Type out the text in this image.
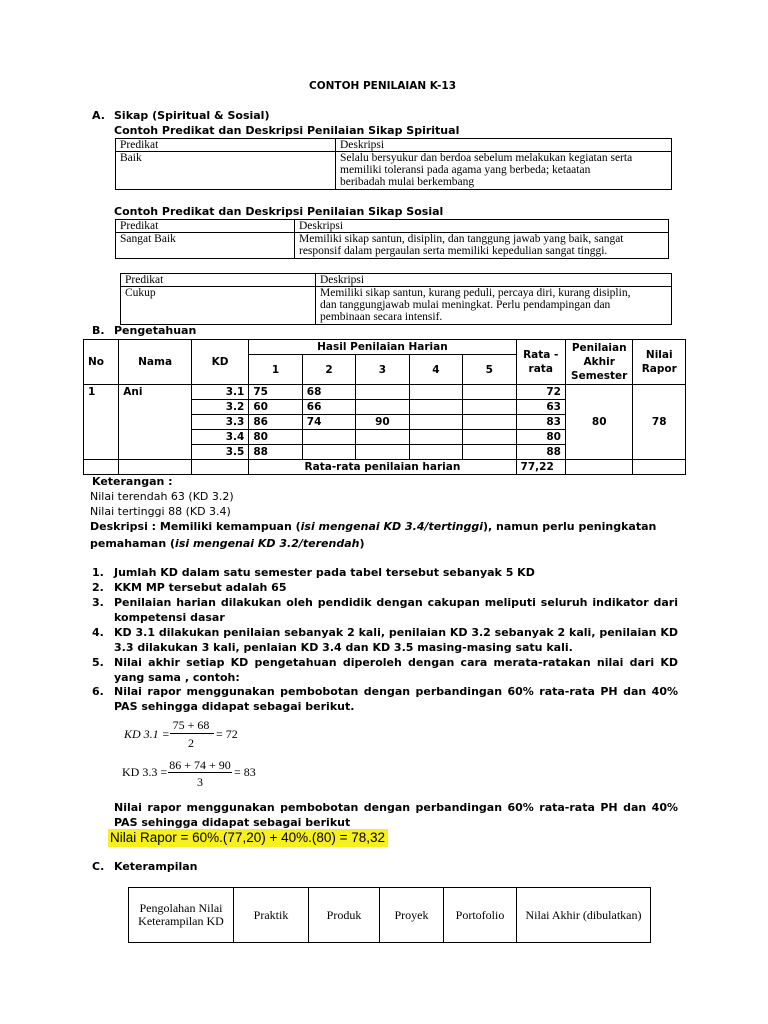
CONTOH PENILAIAN K-13
A. Sikap (Spiritual & Sosial)
Contoh Predikat dan Deskripsi Penilaian Sikap Spiritual
Predikat	Deskripsi
Baik	Selalu bersyukur dan berdoa sebelum melakukan kegiatan serta
memiliki toleransi pada agama yang berbeda; ketaatan
beribadah mulai berkembang
Contoh Predikat dan Deskripsi Penilaian Sikap Sosial
Predikat	Deskripsi
Sangat Baik	Memiliki sikap santun, disiplin, dan tanggung jawab yang baik, sangat
responsif dalam pergaulan serta memiliki kepedulian sangat tinggi.
Predikat	Deskripsi
Cukup	Memiliki sikap santun, kurang peduli, percaya diri, kurang disiplin,
dan tanggungjawab mulai meningkat. Perlu pendampingan dan
pembinaan secara intensif.
B. Pengetahuan
No	Nama	KD	Hasil Penilaian Harian					Rata - rata	Penilaian Akhir Semester	Nilai Rapor
			1	2	3	4	5			
1	Ani	3.1	75	68				72	80	78
		3.2	60	66				63		
		3.3	86	74	90			83		
		3.4	80					80		
		3.5	88					88		
			Rata-rata penilaian harian					77,22		
Keterangan :
Nilai terendah 63 (KD 3.2)
Nilai tertinggi 88 (KD 3.4)
Deskripsi : Memiliki kemampuan (isi mengenai KD 3.4/tertinggi), namun perlu peningkatan
pemahaman (isi mengenai KD 3.2/terendah)
1. Jumlah KD dalam satu semester pada tabel tersebut sebanyak 5 KD
2. KKM MP tersebut adalah 65
3. Penilaian harian dilakukan oleh pendidik dengan cakupan meliputi seluruh indikator dari kompetensi dasar
4. KD 3.1 dilakukan penilaian sebanyak 2 kali, penilaian KD 3.2 sebanyak 2 kali, penilaian KD 3.3 dilakukan 3 kali, penlaian KD 3.4 dan KD 3.5 masing-masing satu kali.
5. Nilai akhir setiap KD pengetahuan diperoleh dengan cara merata-ratakan nilai dari KD yang sama , contoh:
6. Nilai rapor menggunakan pembobotan dengan perbandingan 60% rata-rata PH dan 40% PAS sehingga didapat sebagai berikut.
KD 3.1 =
75 + 68
2
= 72
KD 3.3 = 86 + 74 + 90
3
= 83
Nilai rapor menggunakan pembobotan dengan perbandingan 60% rata-rata PH dan 40% PAS sehingga didapat sebagai berikut
Nilai Rapor = 60%.(77,20) + 40%.(80) = 78,32
C. Keterampilan
Pengolahan Nilai Keterampilan KD	Praktik	Produk	Proyek	Portofolio	Nilai Akhir (dibulatkan)
